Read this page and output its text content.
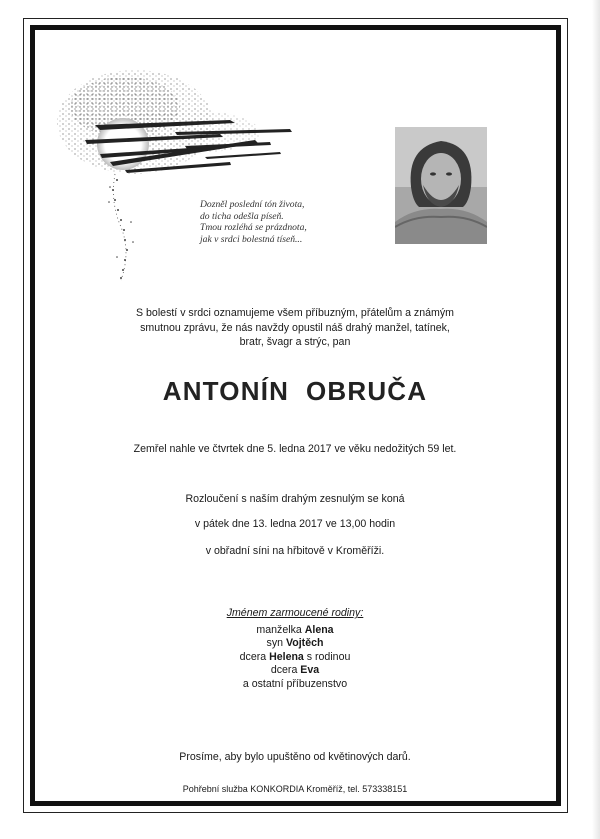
Dozněl poslední tón života,
do ticha odešla píseň.
Tmou rozléhá se prázdnota,
jak v srdci bolestná tíseň...
S bolestí v srdci oznamujeme všem příbuzným, přátelům a známým
smutnou zprávu, že nás navždy opustil náš drahý manžel, tatínek,
bratr, švagr a strýc, pan
ANTONÍN  OBRUČA
Zemřel nahle ve čtvrtek dne 5. ledna 2017 ve věku nedožitých 59 let.
Rozloučení s naším drahým zesnulým se koná
v pátek dne 13. ledna 2017 ve 13,00 hodin
v obřadní síni na hřbitově v Kroměříži.
Jménem zarmoucené rodiny:
manželka Alena
syn Vojtěch
dcera Helena s rodinou
dcera Eva
a ostatní příbuzenstvo
Prosíme, aby bylo upuštěno od květinových darů.
Pohřební služba KONKORDIA Kroměříž, tel. 573338151
